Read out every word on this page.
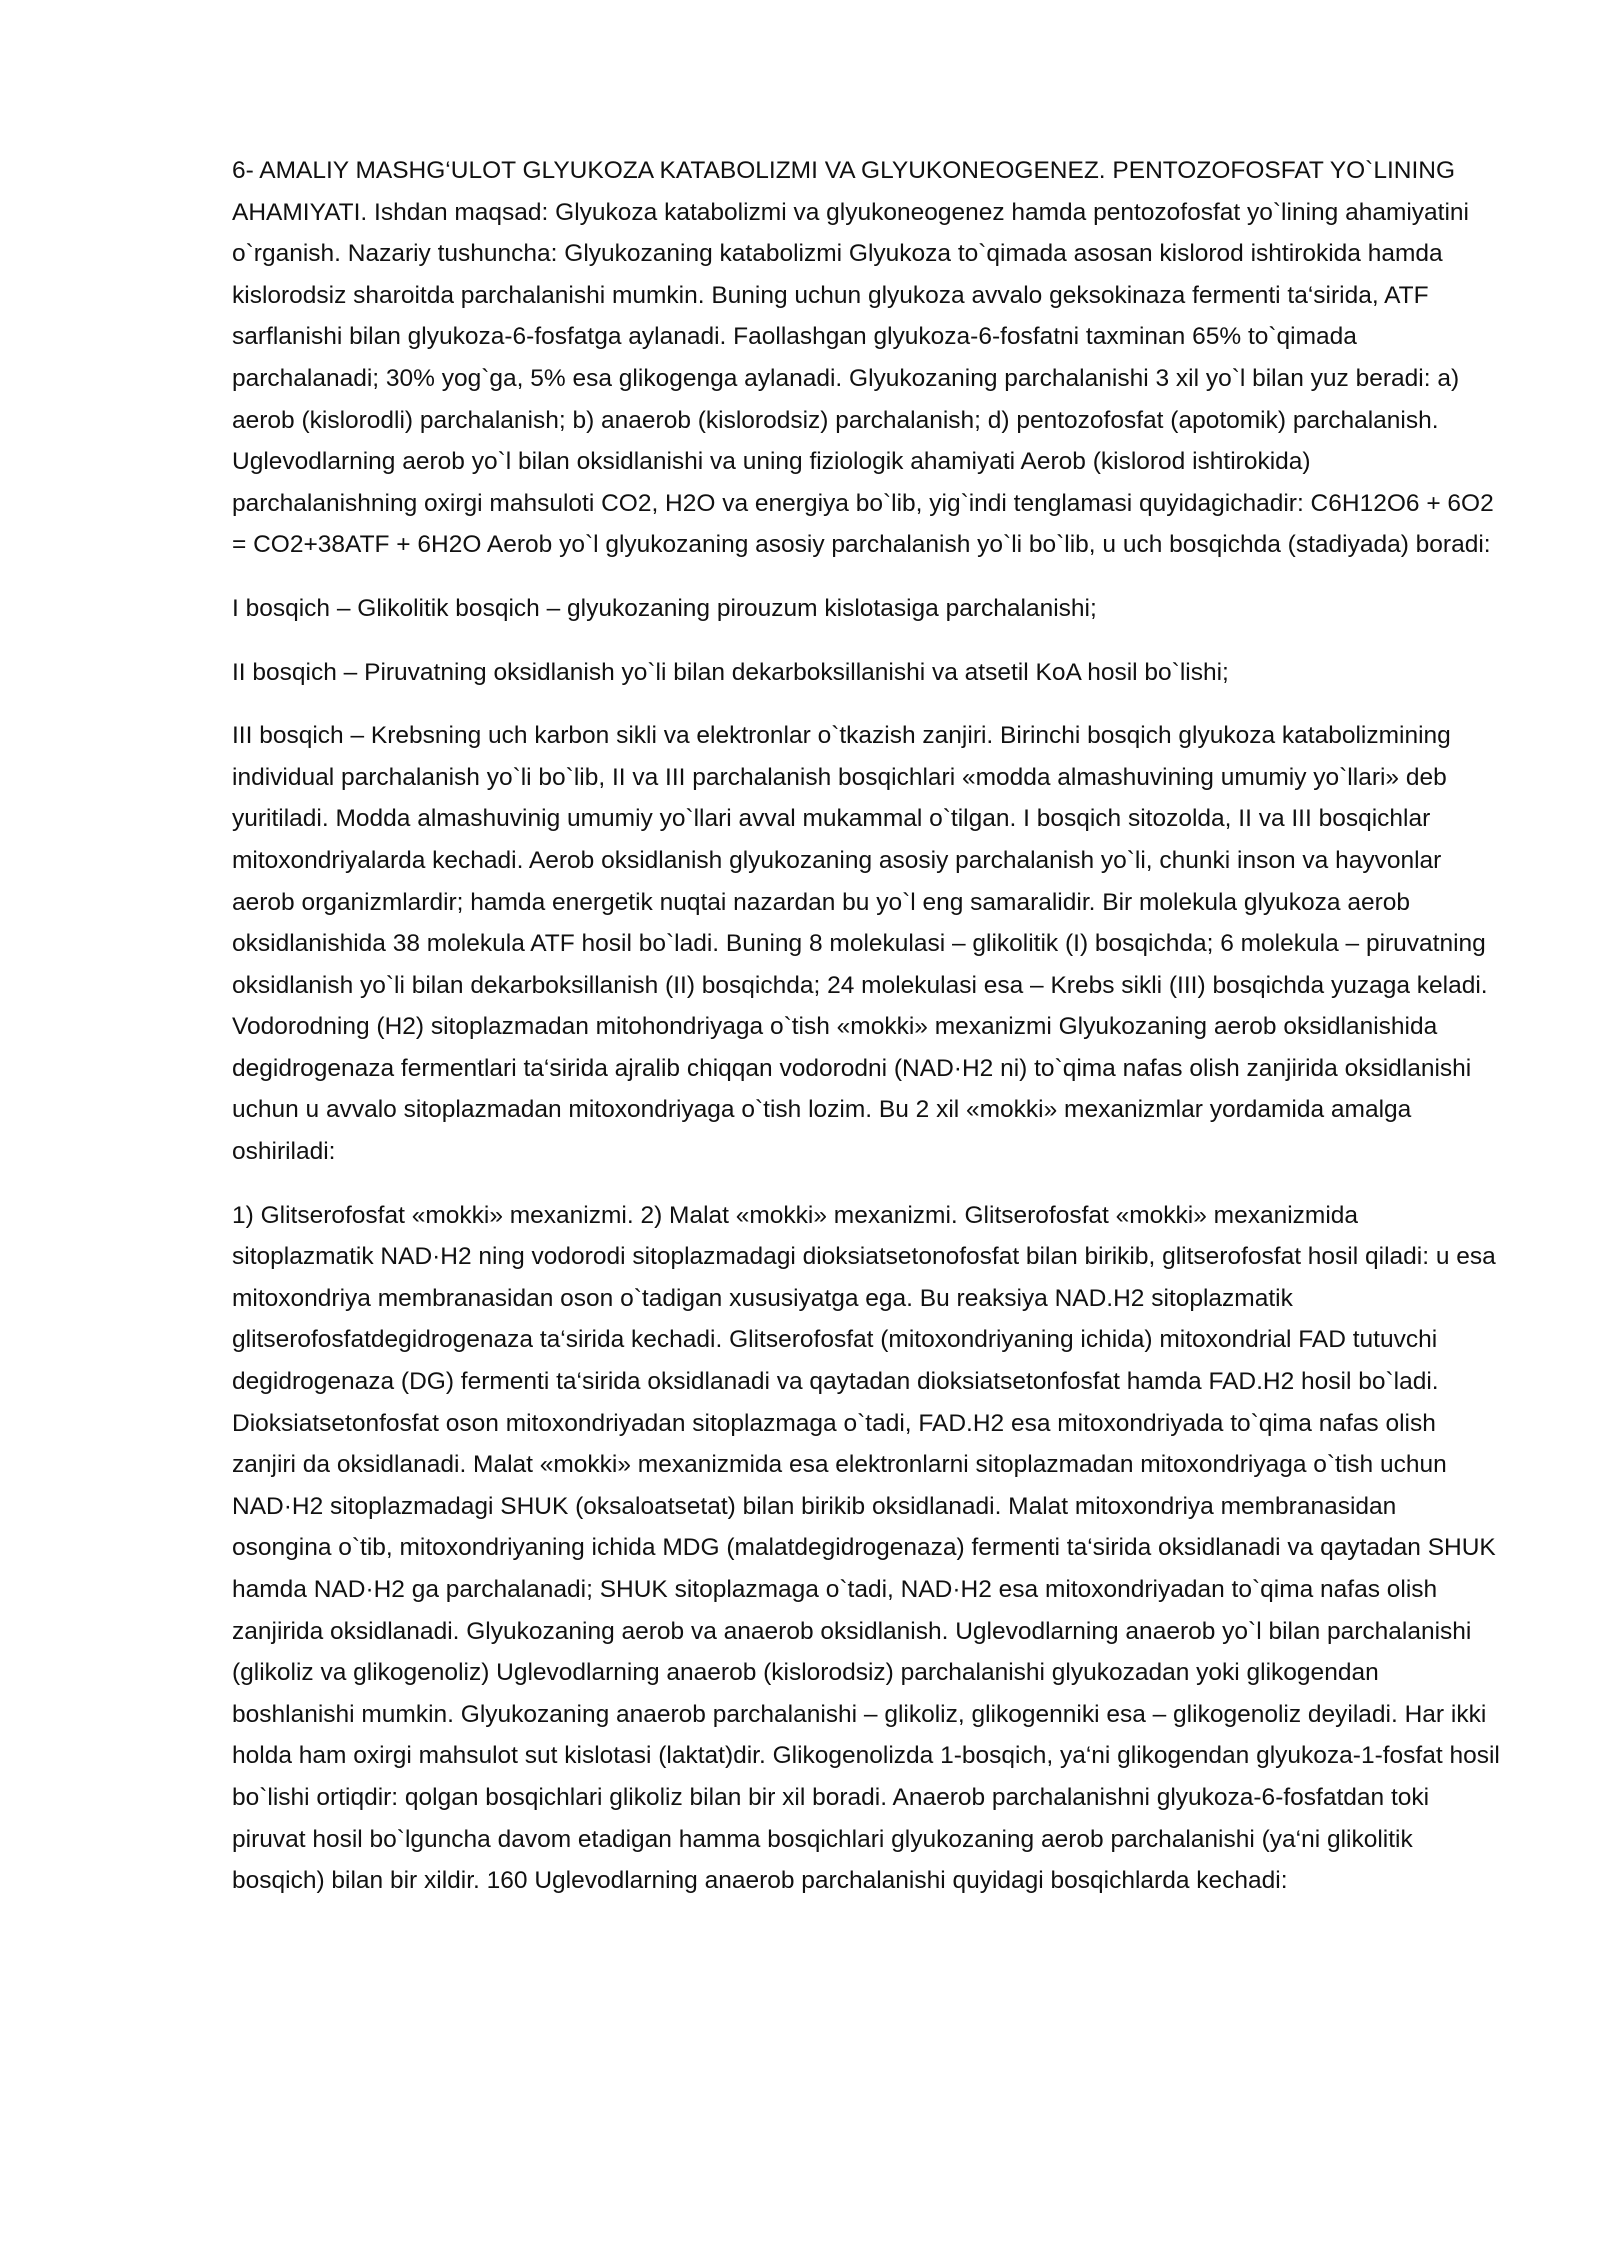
6- AMALIY MASHG‘ULOT GLYUKOZA KATABOLIZMI VA GLYUKONEOGENEZ. PENTOZOFOSFAT YO`LINING AHAMIYATI. Ishdan maqsad: Glyukoza katabolizmi va glyukoneogenez hamda pentozofosfat yo`lining ahamiyatini o`rganish. Nazariy tushuncha: Glyukozaning katabolizmi Glyukoza to`qimada asosan kislorod ishtirokida hamda kislorodsiz sharoitda parchalanishi mumkin. Buning uchun glyukoza avvalo geksokinaza fermenti ta‘sirida, ATF sarflanishi bilan glyukoza-6-fosfatga aylanadi. Faollashgan glyukoza-6-fosfatni taxminan 65% to`qimada parchalanadi; 30% yog`ga, 5% esa glikogenga aylanadi. Glyukozaning parchalanishi 3 xil yo`l bilan yuz beradi: a) aerob (kislorodli) parchalanish; b) anaerob (kislorodsiz) parchalanish; d) pentozofosfat (apotomik) parchalanish. Uglevodlarning aerob yo`l bilan oksidlanishi va uning fiziologik ahamiyati Aerob (kislorod ishtirokida) parchalanishning oxirgi mahsuloti CO2, H2O va energiya bo`lib, yig`indi tenglamasi quyidagichadir: C6H12O6 + 6O2 = CO2+38ATF + 6H2O Aerob yo`l glyukozaning asosiy parchalanish yo`li bo`lib, u uch bosqichda (stadiyada) boradi:

I bosqich – Glikolitik bosqich – glyukozaning pirouzum kislotasiga parchalanishi;

II bosqich – Piruvatning oksidlanish yo`li bilan dekarboksillanishi va atsetil KoA hosil bo`lishi;

III bosqich – Krebsning uch karbon sikli va elektronlar o`tkazish zanjiri. Birinchi bosqich glyukoza katabolizmining individual parchalanish yo`li bo`lib, II va III parchalanish bosqichlari «modda almashuvining umumiy yo`llari» deb yuritiladi. Modda almashuvinig umumiy yo`llari avval mukammal o`tilgan. I bosqich sitozolda, II va III bosqichlar mitoxondriyalarda kechadi. Aerob oksidlanish glyukozaning asosiy parchalanish yo`li, chunki inson va hayvonlar aerob organizmlardir; hamda energetik nuqtai nazardan bu yo`l eng samaralidir. Bir molekula glyukoza aerob oksidlanishida 38 molekula ATF hosil bo`ladi. Buning 8 molekulasi – glikolitik (I) bosqichda; 6 molekula – piruvatning oksidlanish yo`li bilan dekarboksillanish (II) bosqichda; 24 molekulasi esa – Krebs sikli (III) bosqichda yuzaga keladi. Vodorodning (H2) sitoplazmadan mitohondriyaga o`tish «mokki» mexanizmi Glyukozaning aerob oksidlanishida degidrogenaza fermentlari ta‘sirida ajralib chiqqan vodorodni (NAD·H2 ni) to`qima nafas olish zanjirida oksidlanishi uchun u avvalo sitoplazmadan mitoxondriyaga o`tish lozim. Bu 2 xil «mokki» mexanizmlar yordamida amalga oshiriladi:

1) Glitserofosfat «mokki» mexanizmi. 2) Malat «mokki» mexanizmi. Glitserofosfat «mokki» mexanizmida sitoplazmatik NAD·H2 ning vodorodi sitoplazmadagi dioksiatsetonofosfat bilan birikib, glitserofosfat hosil qiladi: u esa mitoxondriya membranasidan oson o`tadigan xususiyatga ega. Bu reaksiya NAD.H2 sitoplazmatik glitserofosfatdegidrogenaza ta‘sirida kechadi. Glitserofosfat (mitoxondriyaning ichida) mitoxondrial FAD tutuvchi degidrogenaza (DG) fermenti ta‘sirida oksidlanadi va qaytadan dioksiatsetonfosfat hamda FAD.H2 hosil bo`ladi. Dioksiatsetonfosfat oson mitoxondriyadan sitoplazmaga o`tadi, FAD.H2 esa mitoxondriyada to`qima nafas olish zanjiri da oksidlanadi. Malat «mokki» mexanizmida esa elektronlarni sitoplazmadan mitoxondriyaga o`tish uchun NAD·H2 sitoplazmadagi SHUK (oksaloatsetat) bilan birikib oksidlanadi. Malat mitoxondriya membranasidan osongina o`tib, mitoxondriyaning ichida MDG (malatdegidrogenaza) fermenti ta‘sirida oksidlanadi va qaytadan SHUK hamda NAD·H2 ga parchalanadi; SHUK sitoplazmaga o`tadi, NAD·H2 esa mitoxondriyadan to`qima nafas olish zanjirida oksidlanadi. Glyukozaning aerob va anaerob oksidlanish. Uglevodlarning anaerob yo`l bilan parchalanishi (glikoliz va glikogenoliz) Uglevodlarning anaerob (kislorodsiz) parchalanishi glyukozadan yoki glikogendan boshlanishi mumkin. Glyukozaning anaerob parchalanishi – glikoliz, glikogenniki esa – glikogenoliz deyiladi. Har ikki holda ham oxirgi mahsulot sut kislotasi (laktat)dir. Glikogenolizda 1-bosqich, ya‘ni glikogendan glyukoza-1-fosfat hosil bo`lishi ortiqdir: qolgan bosqichlari glikoliz bilan bir xil boradi. Anaerob parchalanishni glyukoza-6-fosfatdan toki piruvat hosil bo`lguncha davom etadigan hamma bosqichlari glyukozaning aerob parchalanishi (ya‘ni glikolitik bosqich) bilan bir xildir. 160 Uglevodlarning anaerob parchalanishi quyidagi bosqichlarda kechadi:
